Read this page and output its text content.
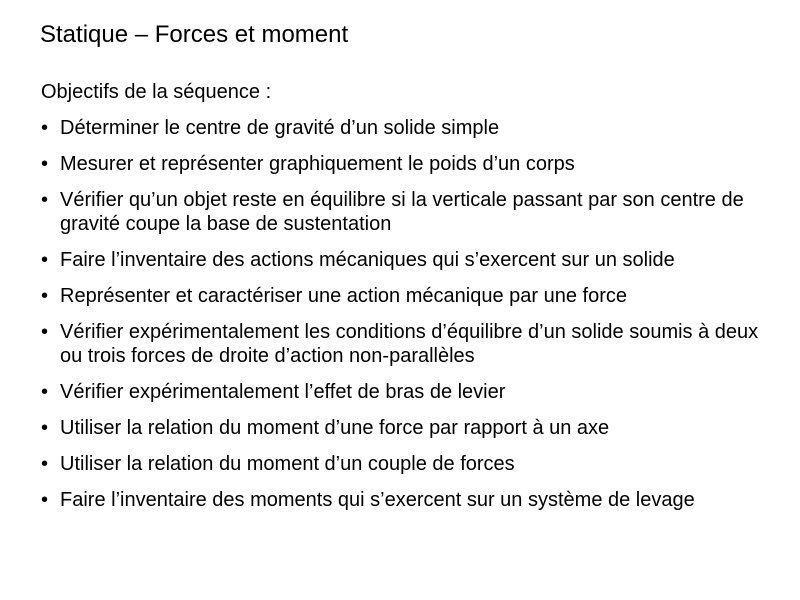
Statique – Forces et moment
Objectifs de la séquence :
• Déterminer le centre de gravité d’un solide simple
• Mesurer et représenter graphiquement le poids d’un corps
• Vérifier qu’un objet reste en équilibre si la verticale passant par son centre de gravité coupe la base de sustentation
• Faire l’inventaire des actions mécaniques qui s’exercent sur un solide
• Représenter et caractériser une action mécanique par une force
• Vérifier expérimentalement les conditions d’équilibre d’un solide soumis à deux ou trois forces de droite d’action non-parallèles
• Vérifier expérimentalement l’effet de bras de levier
• Utiliser la relation du moment d’une force par rapport à un axe
• Utiliser la relation du moment d’un couple de forces
• Faire l’inventaire des moments qui s’exercent sur un système de levage
